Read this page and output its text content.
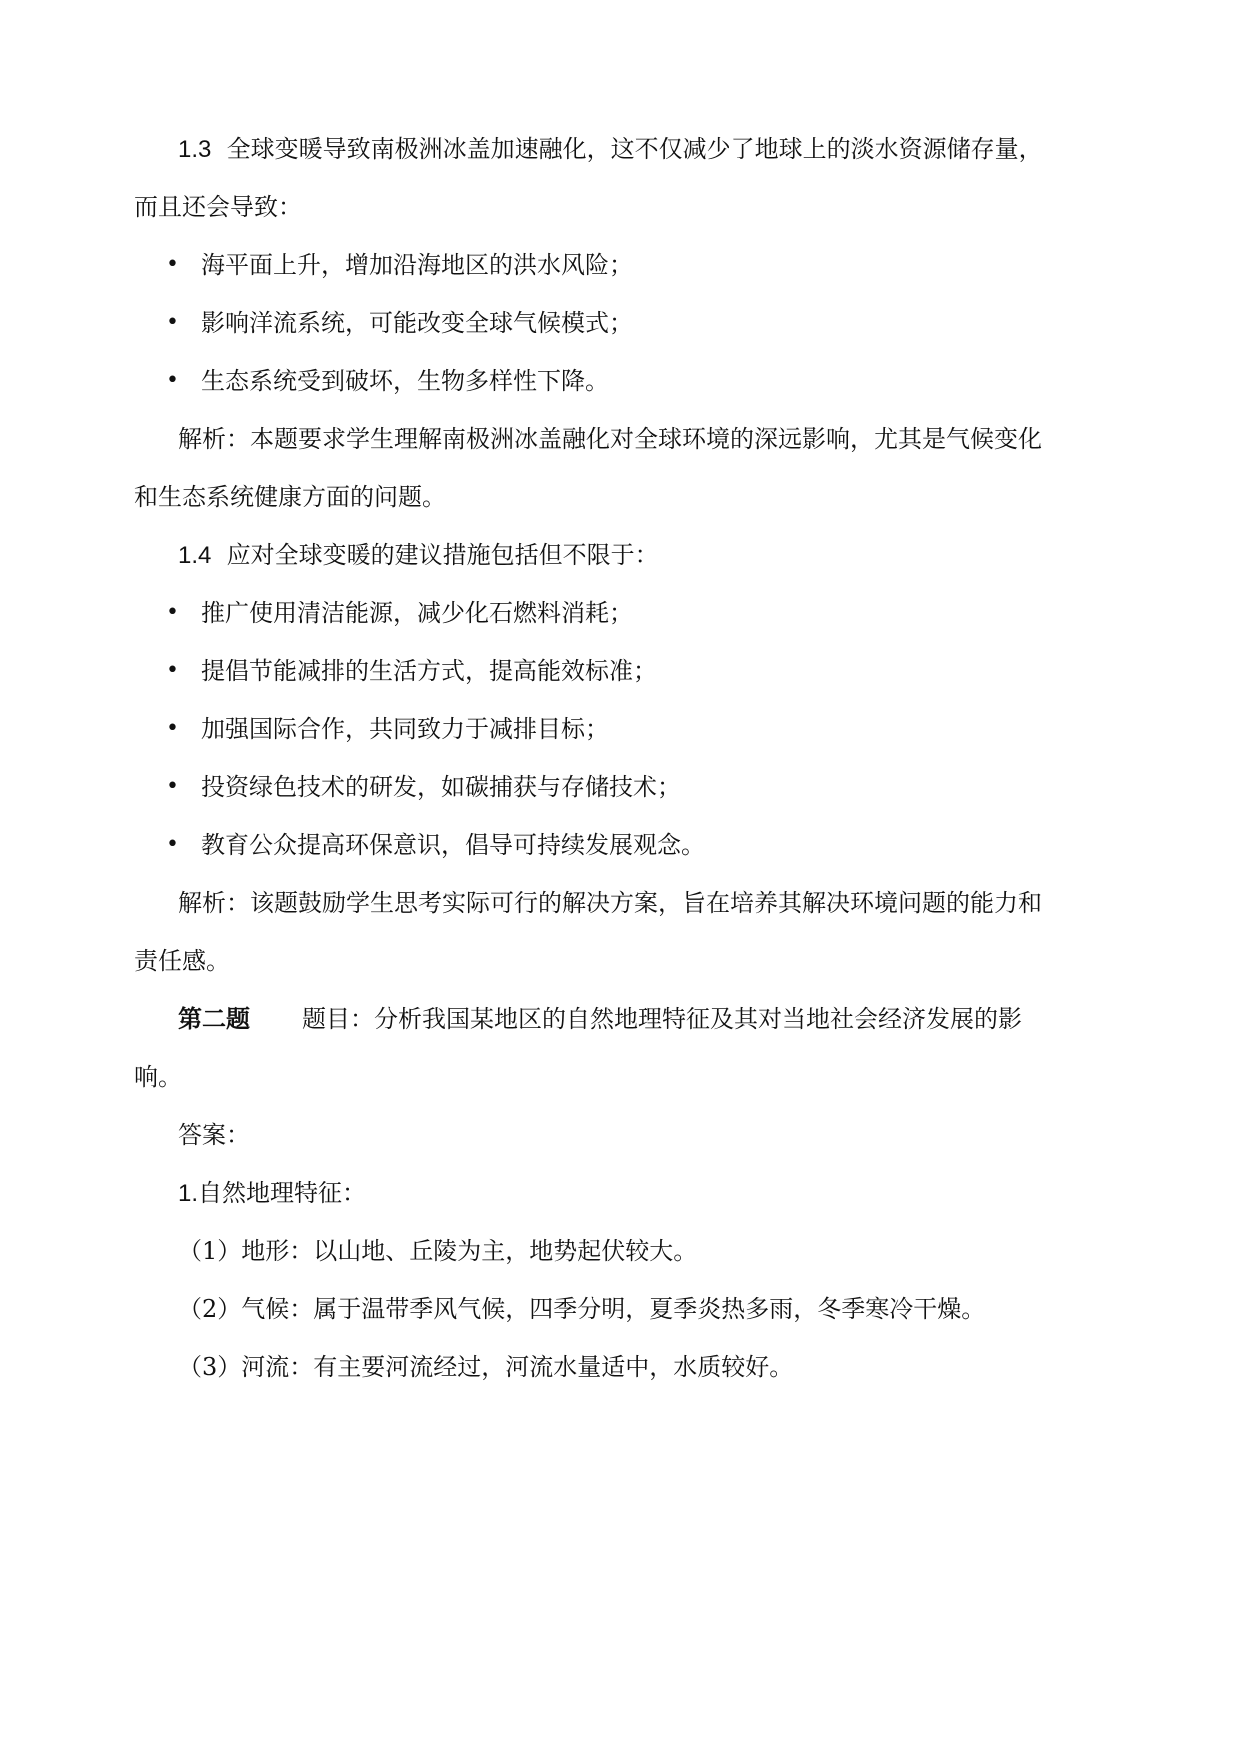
1.3 全球变暖导致南极洲冰盖加速融化，这不仅减少了地球上的淡水资源储存量，
而且还会导致：
• 海平面上升，增加沿海地区的洪水风险；
• 影响洋流系统，可能改变全球气候模式；
• 生态系统受到破坏，生物多样性下降。
解析：本题要求学生理解南极洲冰盖融化对全球环境的深远影响，尤其是气候变化
和生态系统健康方面的问题。
1.4 应对全球变暖的建议措施包括但不限于：
• 推广使用清洁能源，减少化石燃料消耗；
• 提倡节能减排的生活方式，提高能效标准；
• 加强国际合作，共同致力于减排目标；
• 投资绿色技术的研发，如碳捕获与存储技术；
• 教育公众提高环保意识，倡导可持续发展观念。
解析：该题鼓励学生思考实际可行的解决方案，旨在培养其解决环境问题的能力和
责任感。
第二题 题目：分析我国某地区的自然地理特征及其对当地社会经济发展的影
响。
答案：
1.自然地理特征：
（1）地形：以山地、丘陵为主，地势起伏较大。
（2）气候：属于温带季风气候，四季分明，夏季炎热多雨，冬季寒冷干燥。
（3）河流：有主要河流经过，河流水量适中，水质较好。
